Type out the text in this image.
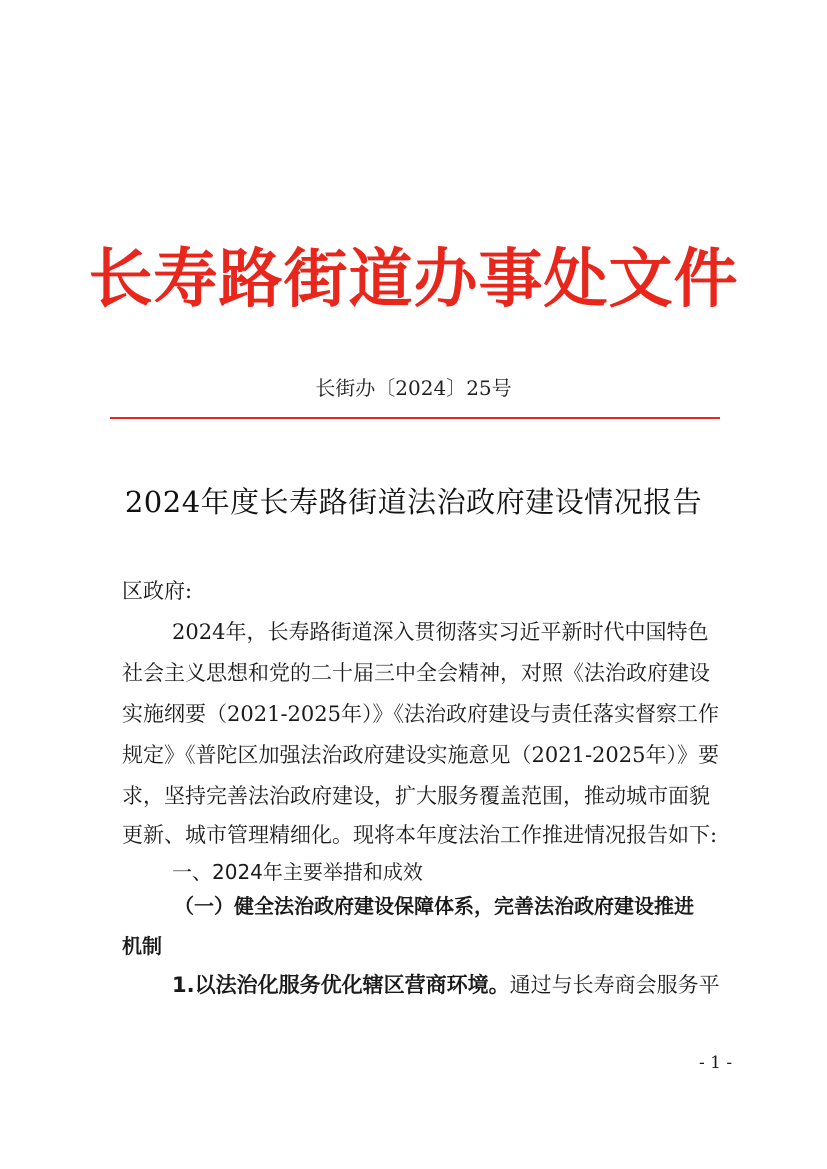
长寿路街道办事处文件
长街办〔2024〕25号
2024年度长寿路街道法治政府建设情况报告
区政府:
2024年，长寿路街道深入贯彻落实习近平新时代中国特色
社会主义思想和党的二十届三中全会精神，对照《法治政府建设
实施纲要（2021-2025年）》《法治政府建设与责任落实督察工作
规定》《普陀区加强法治政府建设实施意见（2021-2025年）》要
求，坚持完善法治政府建设，扩大服务覆盖范围，推动城市面貌
更新、城市管理精细化。现将本年度法治工作推进情况报告如下:
一、2024年主要举措和成效
（一）健全法治政府建设保障体系，完善法治政府建设推进
机制
1.以法治化服务优化辖区营商环境。通过与长寿商会服务平
- 1 -
